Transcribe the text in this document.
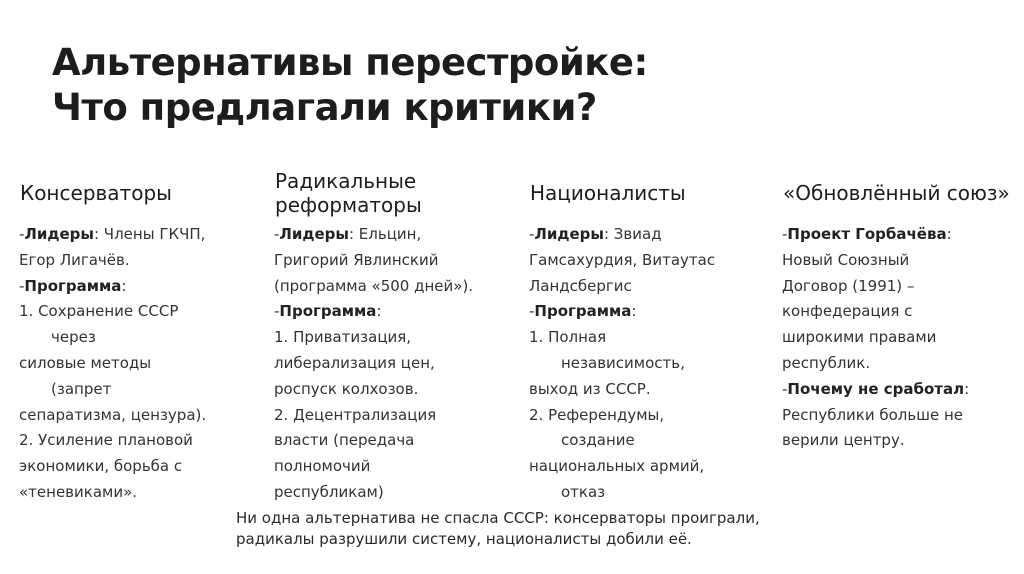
Альтернативы перестройке:
Что предлагали критики?
Консерваторы
-Лидеры: Члены ГКЧП,
Егор Лигачёв.
-Программа:
1. Сохранение СССР
через
силовые методы
(запрет
сепаратизма, цензура).
2. Усиление плановой
экономики, борьба с
«теневиками».
Радикальные
реформаторы
-Лидеры: Ельцин,
Григорий Явлинский
(программа «500 дней»).
-Программа:
1. Приватизация,
либерализация цен,
роспуск колхозов.
2. Децентрализация
власти (передача
полномочий
республикам)
Националисты
-Лидеры: Звиад
Гамсахурдия, Витаутас
Ландсбергис
-Программа:
1. Полная
независимость,
выход из СССР.
2. Референдумы,
создание
национальных армий,
отказ
«Обновлённый союз»
-Проект Горбачёва:
Новый Союзный
Договор (1991) –
конфедерация с
широкими правами
республик.
-Почему не сработал:
Республики больше не
верили центру.
Ни одна альтернатива не спасла СССР: консерваторы проиграли,
радикалы разрушили систему, националисты добили её.
